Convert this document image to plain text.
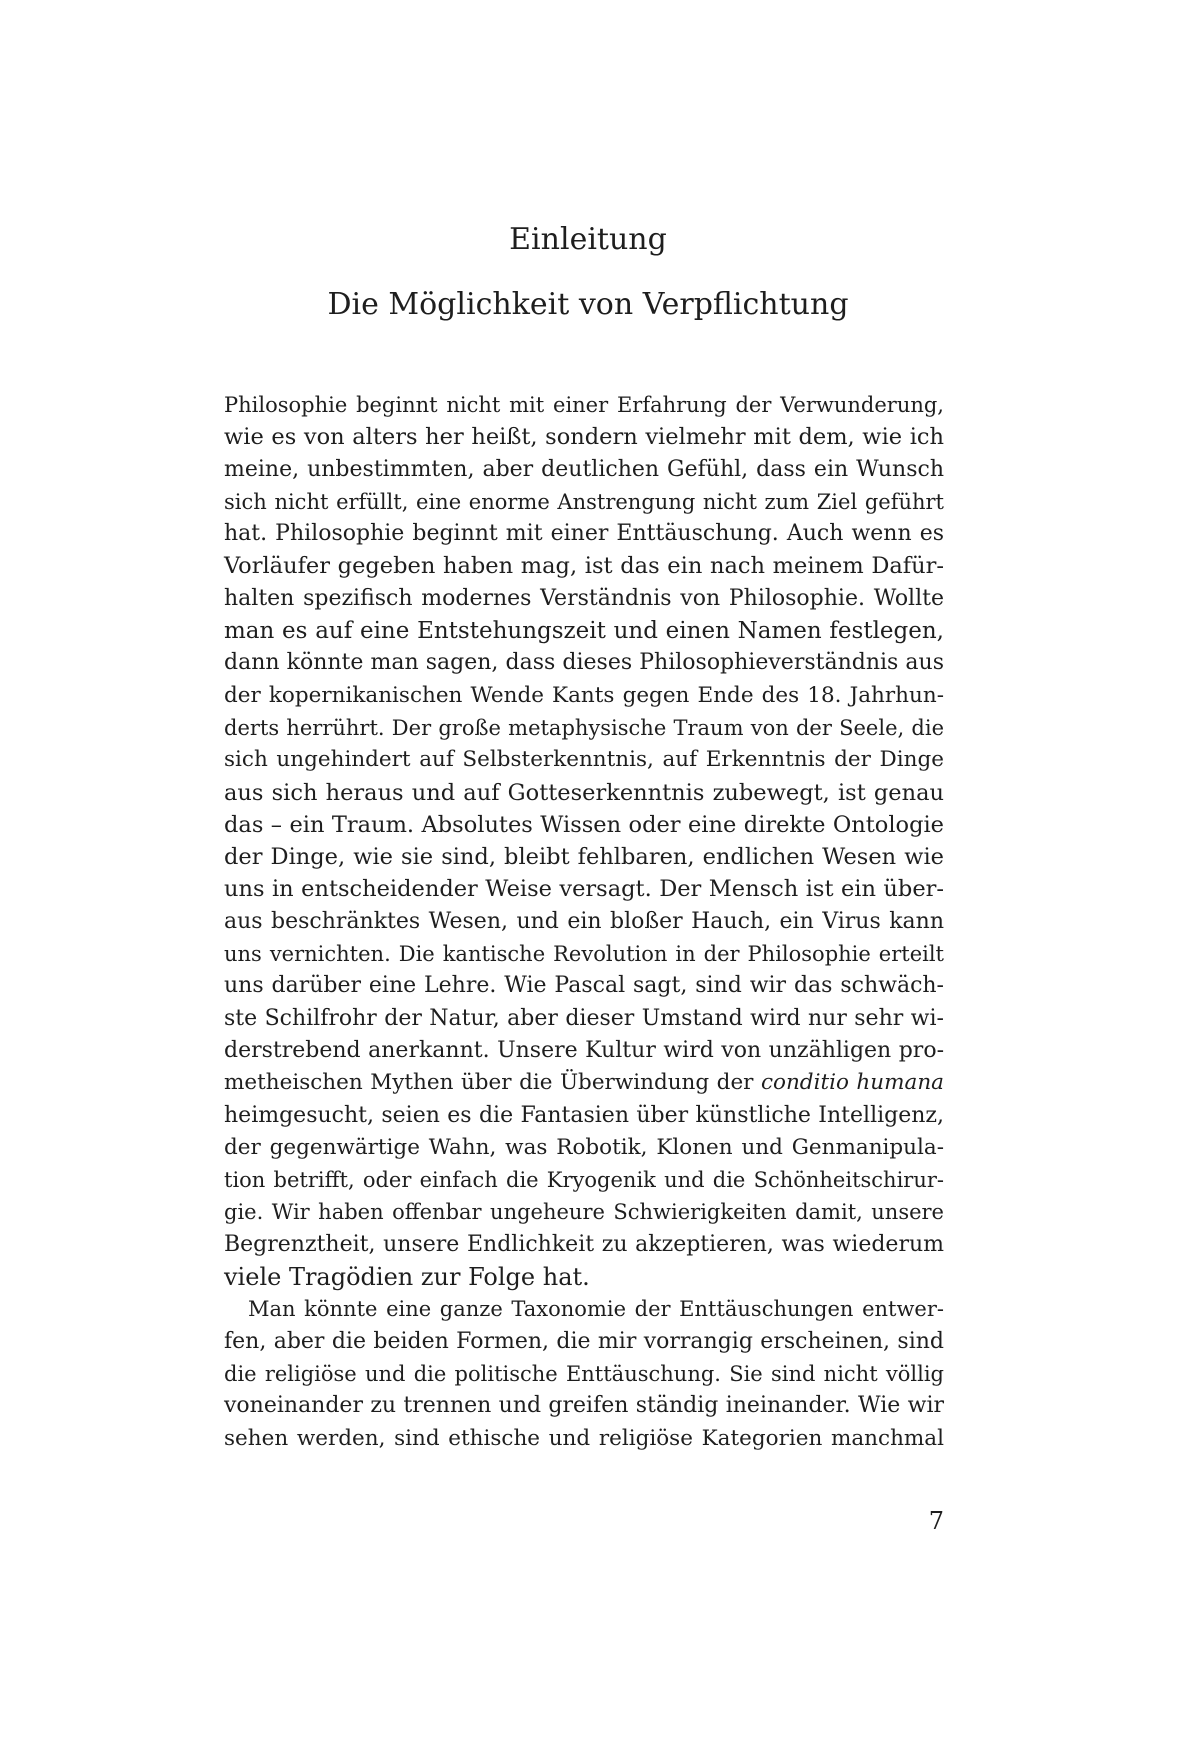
Einleitung
Die Möglichkeit von Verpflichtung
Philosophie beginnt nicht mit einer Erfahrung der Verwunderung,
wie es von alters her heißt, sondern vielmehr mit dem, wie ich
meine, unbestimmten, aber deutlichen Gefühl, dass ein Wunsch
sich nicht erfüllt, eine enorme Anstrengung nicht zum Ziel geführt
hat. Philosophie beginnt mit einer Enttäuschung. Auch wenn es
Vorläufer gegeben haben mag, ist das ein nach meinem Dafür-
halten spezifisch modernes Verständnis von Philosophie. Wollte
man es auf eine Entstehungszeit und einen Namen festlegen,
dann könnte man sagen, dass dieses Philosophieverständnis aus
der kopernikanischen Wende Kants gegen Ende des 18. Jahrhun-
derts herrührt. Der große metaphysische Traum von der Seele, die
sich ungehindert auf Selbsterkenntnis, auf Erkenntnis der Dinge
aus sich heraus und auf Gotteserkenntnis zubewegt, ist genau
das – ein Traum. Absolutes Wissen oder eine direkte Ontologie
der Dinge, wie sie sind, bleibt fehlbaren, endlichen Wesen wie
uns in entscheidender Weise versagt. Der Mensch ist ein über-
aus beschränktes Wesen, und ein bloßer Hauch, ein Virus kann
uns vernichten. Die kantische Revolution in der Philosophie erteilt
uns darüber eine Lehre. Wie Pascal sagt, sind wir das schwäch-
ste Schilfrohr der Natur, aber dieser Umstand wird nur sehr wi-
derstrebend anerkannt. Unsere Kultur wird von unzähligen pro-
metheischen Mythen über die Überwindung der conditio humana
heimgesucht, seien es die Fantasien über künstliche Intelligenz,
der gegenwärtige Wahn, was Robotik, Klonen und Genmanipula-
tion betrifft, oder einfach die Kryogenik und die Schönheitschirur-
gie. Wir haben offenbar ungeheure Schwierigkeiten damit, unsere
Begrenztheit, unsere Endlichkeit zu akzeptieren, was wiederum
viele Tragödien zur Folge hat.
Man könnte eine ganze Taxonomie der Enttäuschungen entwer-
fen, aber die beiden Formen, die mir vorrangig erscheinen, sind
die religiöse und die politische Enttäuschung. Sie sind nicht völlig
voneinander zu trennen und greifen ständig ineinander. Wie wir
sehen werden, sind ethische und religiöse Kategorien manchmal
7
